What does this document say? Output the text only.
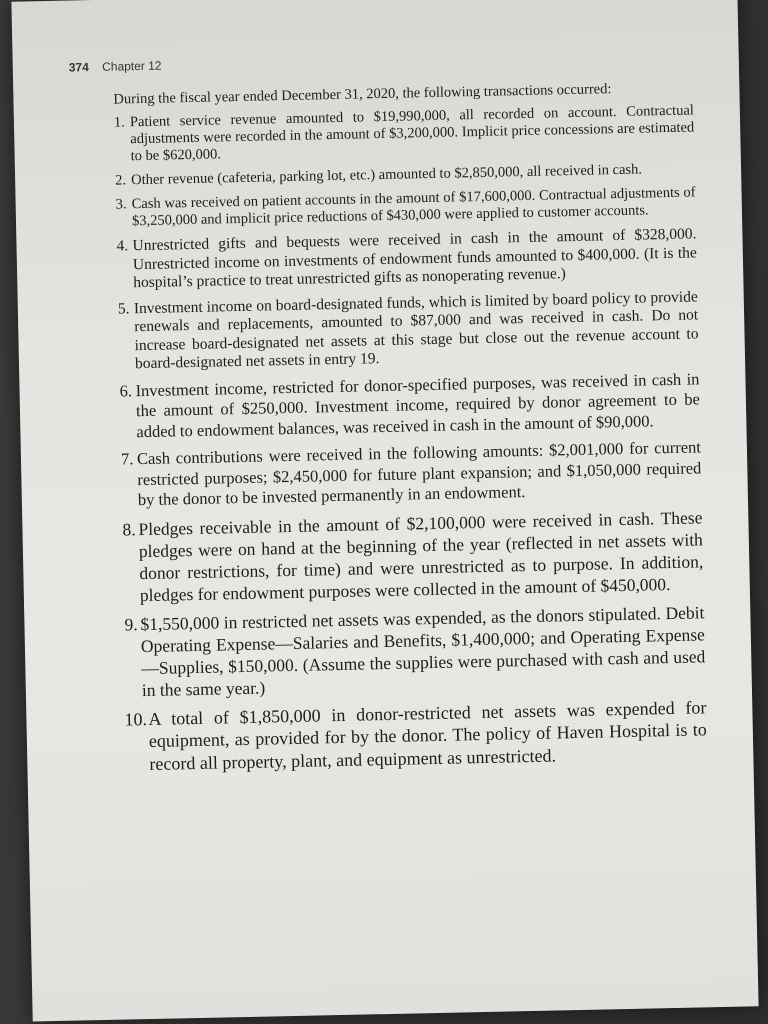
374 Chapter 12

During the fiscal year ended December 31, 2020, the following transactions occurred:

1. Patient service revenue amounted to $19,990,000, all recorded on account. Contractual adjustments were recorded in the amount of $3,200,000. Implicit price concessions are estimated to be $620,000.
2. Other revenue (cafeteria, parking lot, etc.) amounted to $2,850,000, all received in cash.
3. Cash was received on patient accounts in the amount of $17,600,000. Contractual adjustments of $3,250,000 and implicit price reductions of $430,000 were applied to customer accounts.
4. Unrestricted gifts and bequests were received in cash in the amount of $328,000. Unrestricted income on investments of endowment funds amounted to $400,000. (It is the hospital’s practice to treat unrestricted gifts as nonoperating revenue.)
5. Investment income on board-designated funds, which is limited by board policy to provide renewals and replacements, amounted to $87,000 and was received in cash. Do not increase board-designated net assets at this stage but close out the revenue account to board-designated net assets in entry 19.
6. Investment income, restricted for donor-specified purposes, was received in cash in the amount of $250,000. Investment income, required by donor agreement to be added to endowment balances, was received in cash in the amount of $90,000.
7. Cash contributions were received in the following amounts: $2,001,000 for current restricted purposes; $2,450,000 for future plant expansion; and $1,050,000 required by the donor to be invested permanently in an endowment.
8. Pledges receivable in the amount of $2,100,000 were received in cash. These pledges were on hand at the beginning of the year (reflected in net assets with donor restrictions, for time) and were unrestricted as to purpose. In addition, pledges for endowment purposes were collected in the amount of $450,000.
9. $1,550,000 in restricted net assets was expended, as the donors stipulated. Debit Operating Expense—Salaries and Benefits, $1,400,000; and Operating Expense—Supplies, $150,000. (Assume the supplies were purchased with cash and used in the same year.)
10. A total of $1,850,000 in donor-restricted net assets was expended for equipment, as provided for by the donor. The policy of Haven Hospital is to record all property, plant, and equipment as unrestricted.
